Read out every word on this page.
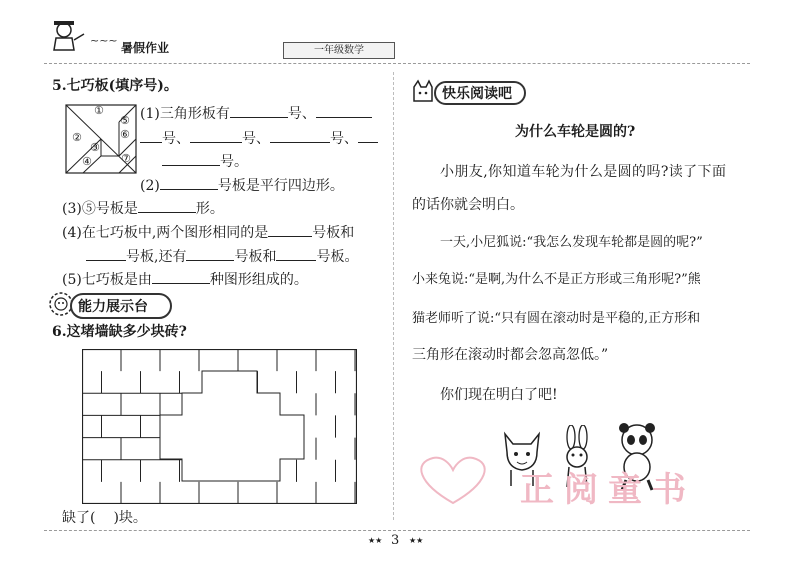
~~~
暑假作业	一年级数学
5.七巧板(填序号)。
①
②
③
④
⑤
⑥
⑦
(1)三角形板有	号、
号、	号、	号、
号。
(2)	号板是平行四边形。
(3)⑤号板是	形。
(4)在七巧板中,两个图形相同的是	号板和
号板,还有	号板和	号板。
(5)七巧板是由	种图形组成的。
能力展示台
6.这堵墙缺多少块砖?
缺了( )块。
快乐阅读吧
为什么车轮是圆的?
小朋友,你知道车轮为什么是圆的吗?读了下面
的话你就会明白。
一天,小尼狐说:“我怎么发现车轮都是圆的呢?”
小来兔说:“是啊,为什么不是正方形或三角形呢?”熊
猫老师听了说:“只有圆在滚动时是平稳的,正方形和
三角形在滚动时都会忽高忽低。”
你们现在明白了吧!
正阅童书
★★ 3 ★★
